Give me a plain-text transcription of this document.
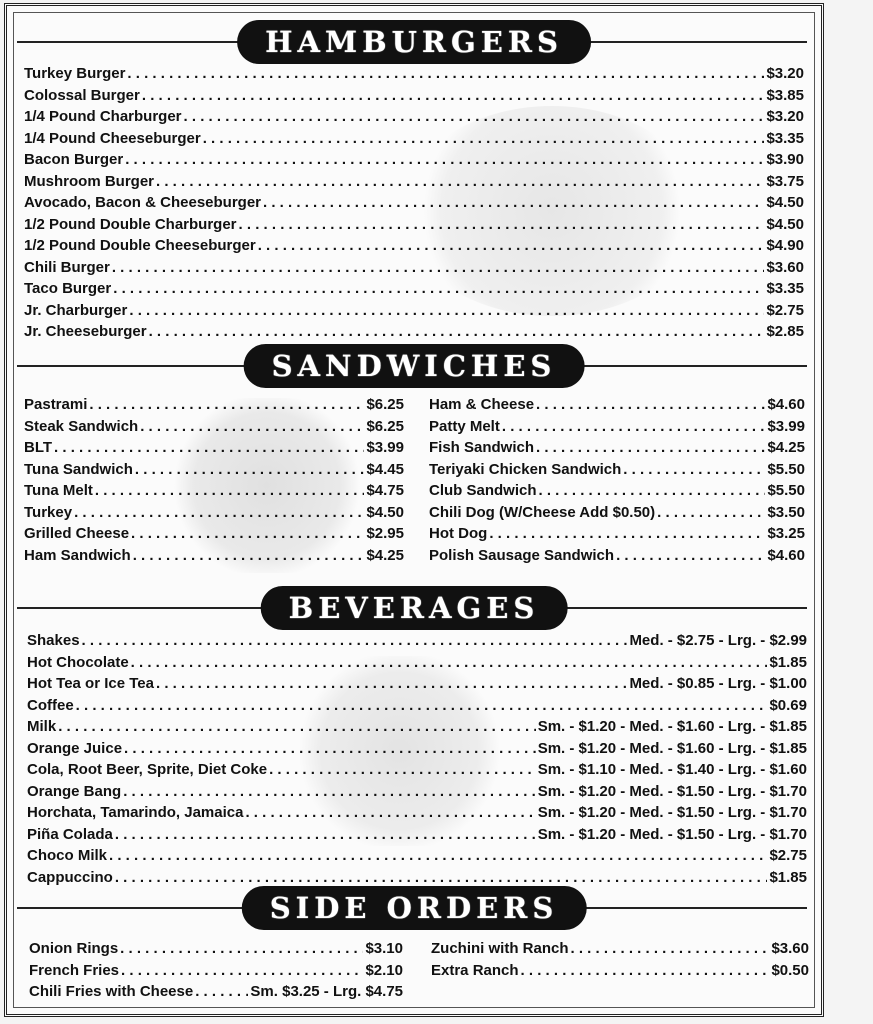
HAMBURGERS
Turkey Burger . . .	$3.20
Colossal Burger . . .	$3.85
1/4 Pound Charburger . . .	$3.20
1/4 Pound Cheeseburger . . .	$3.35
Bacon Burger . . .	$3.90
Mushroom Burger . . .	$3.75
Avocado, Bacon & Cheeseburger . . .	$4.50
1/2 Pound Double Charburger . . .	$4.50
1/2 Pound Double Cheeseburger . . .	$4.90
Chili Burger . . .	$3.60
Taco Burger . . .	$3.35
Jr. Charburger . . .	$2.75
Jr. Cheeseburger . . .	$2.85
SANDWICHES
Pastrami . . .	$6.25
Steak Sandwich . . .	$6.25
BLT . . .	$3.99
Tuna Sandwich . . .	$4.45
Tuna Melt . . .	$4.75
Turkey . . .	$4.50
Grilled Cheese . . .	$2.95
Ham Sandwich . . .	$4.25
Ham & Cheese . . .	$4.60
Patty Melt . . .	$3.99
Fish Sandwich . . .	$4.25
Teriyaki Chicken Sandwich . . .	$5.50
Club Sandwich . . .	$5.50
Chili Dog (W/Cheese Add $0.50) . . .	$3.50
Hot Dog . . .	$3.25
Polish Sausage Sandwich . . .	$4.60
BEVERAGES
Shakes . . .	Med. - $2.75 - Lrg. - $2.99
Hot Chocolate . . .	$1.85
Hot Tea or Ice Tea . . .	Med. - $0.85 - Lrg. - $1.00
Coffee . . .	$0.69
Milk . . .	Sm. - $1.20 - Med. - $1.60 - Lrg. - $1.85
Orange Juice . . .	Sm. - $1.20 - Med. - $1.60 - Lrg. - $1.85
Cola, Root Beer, Sprite, Diet Coke . . .	Sm. - $1.10 - Med. - $1.40 - Lrg. - $1.60
Orange Bang . . .	Sm. - $1.20 - Med. - $1.50 - Lrg. - $1.70
Horchata, Tamarindo, Jamaica . . .	Sm. - $1.20 - Med. - $1.50 - Lrg. - $1.70
Piña Colada . . .	Sm. - $1.20 - Med. - $1.50 - Lrg. - $1.70
Choco Milk . . .	$2.75
Cappuccino . . .	$1.85
SIDE ORDERS
Onion Rings . . .	$3.10
French Fries . . .	$2.10
Chili Fries with Cheese . . .	Sm. $3.25 - Lrg. $4.75
Zuchini with Ranch . . .	$3.60
Extra Ranch . . .	$0.50
